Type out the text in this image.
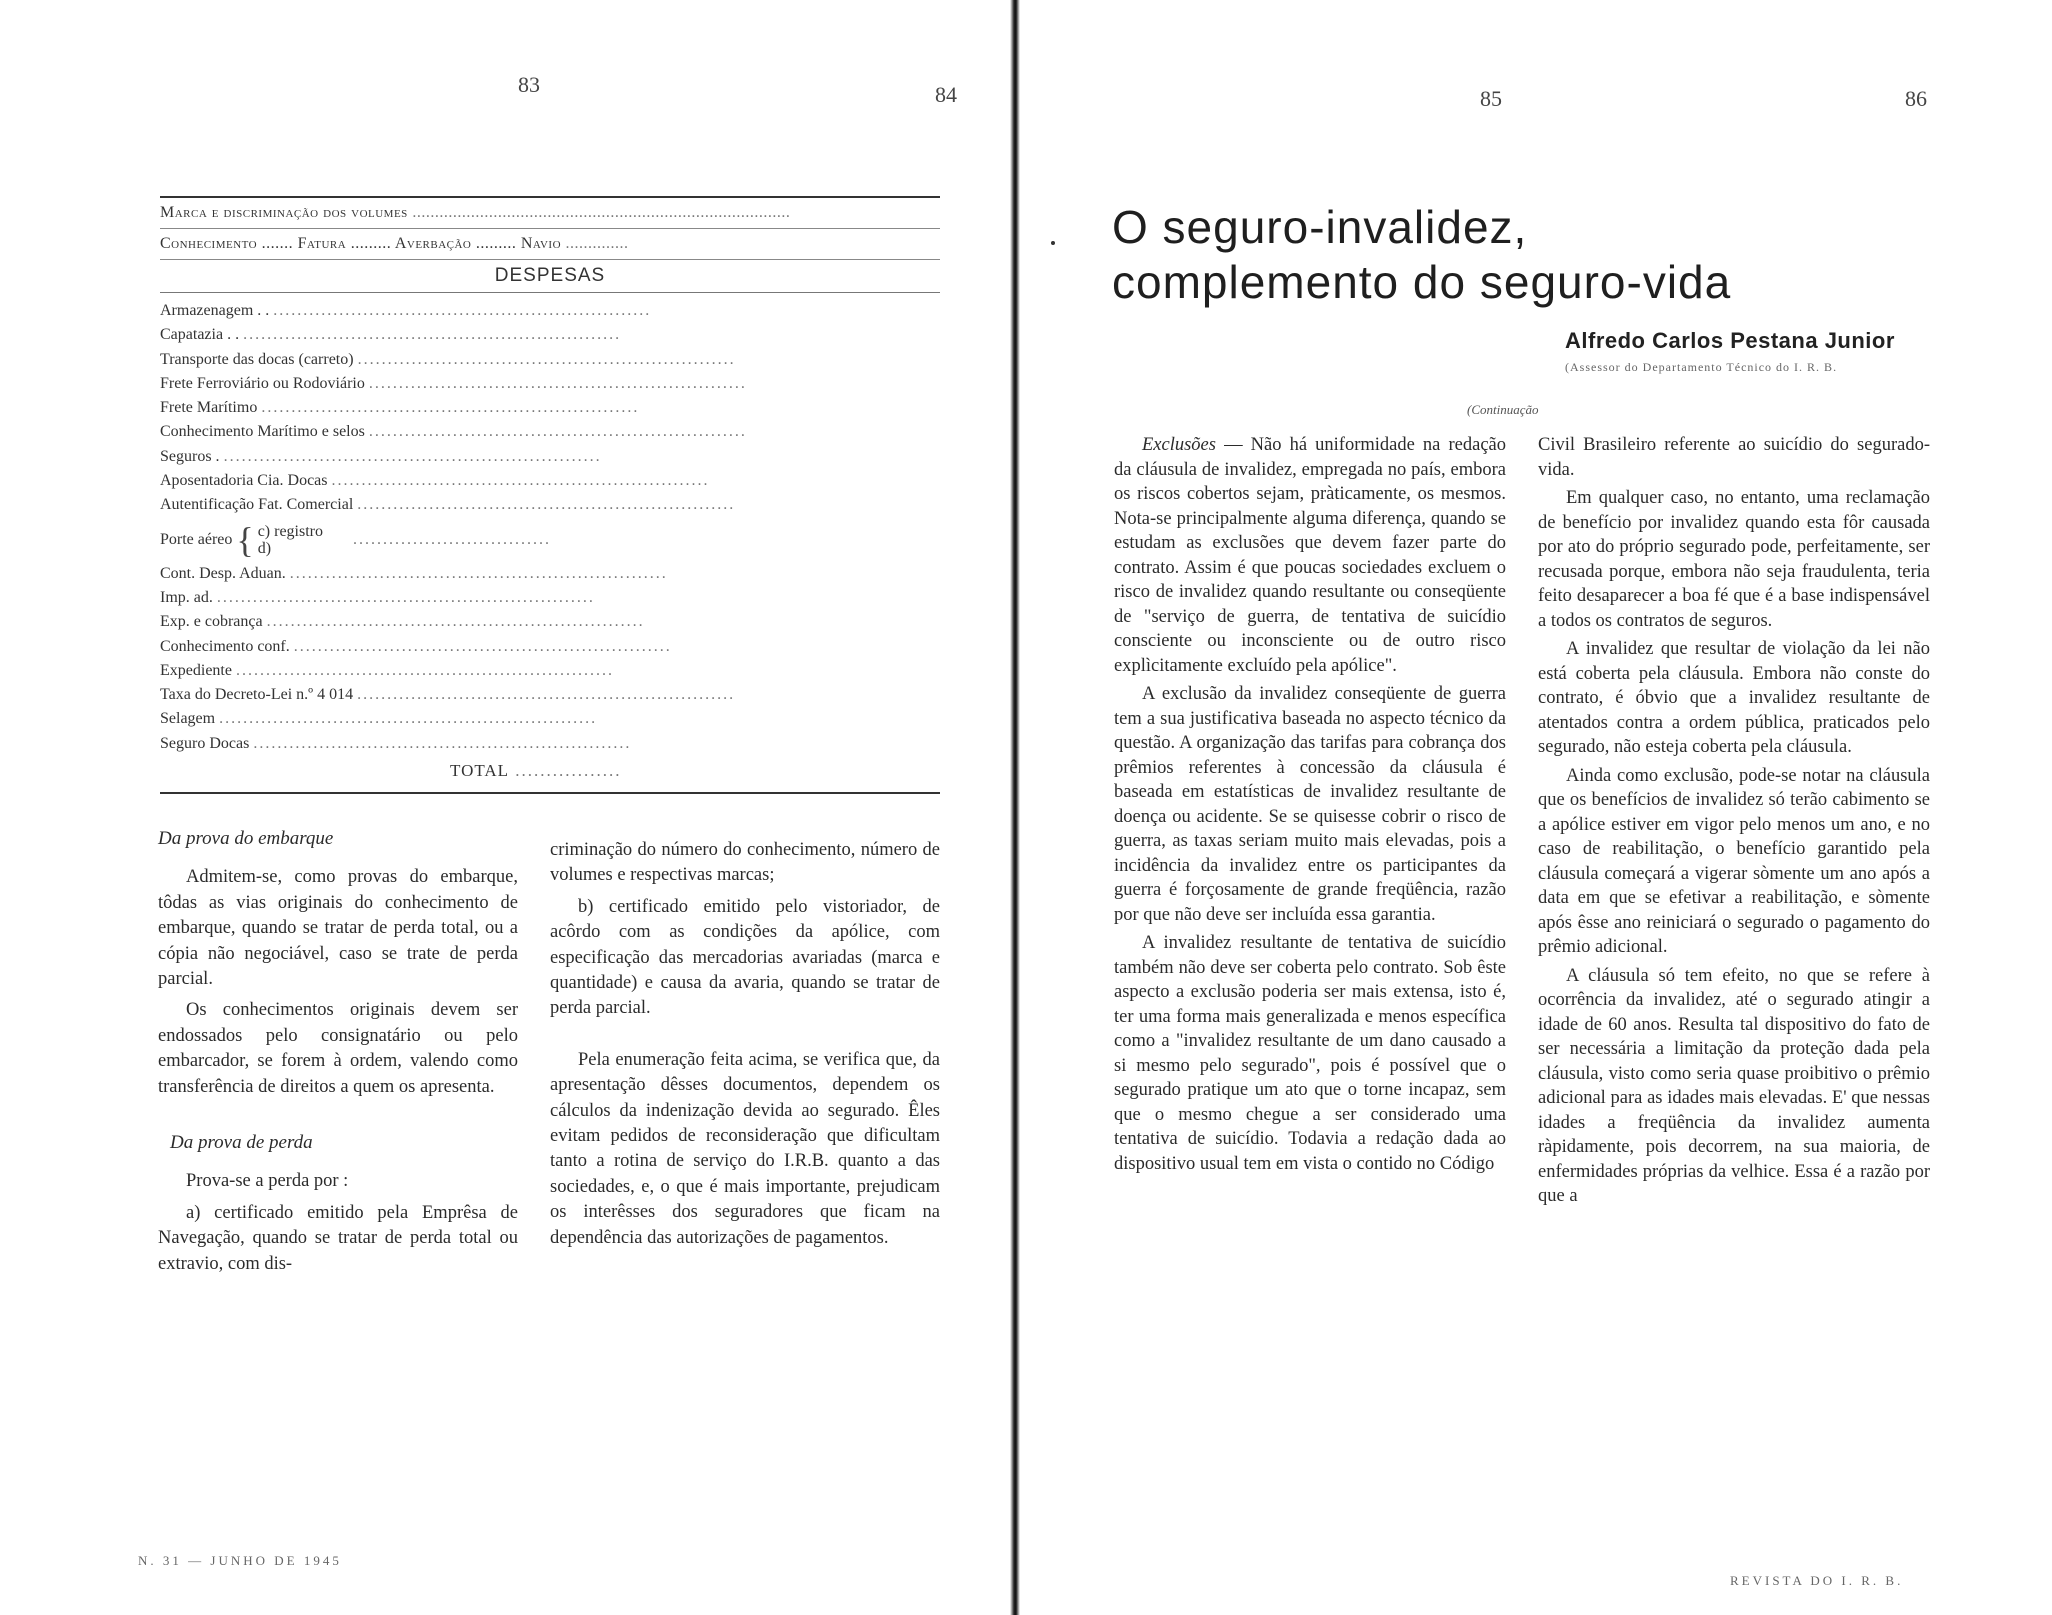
83	84
Marca e discriminação dos volumes ....................................................................................
Conhecimento ....... Fatura ......... Averbação ......... Navio ..............
DESPESAS
Armazenagem . . ...............................................................
Capatazia . . ...............................................................
Transporte das docas (carreto) ...............................................................
Frete Ferroviário ou Rodoviário ...............................................................
Frete Marítimo ...............................................................
Conhecimento Marítimo e selos ...............................................................
Seguros . ...............................................................
Aposentadoria Cia. Docas ...............................................................
Autentificação Fat. Comercial ...............................................................
Porte aéreo { c) registro
d)
.................................
Cont. Desp. Aduan. ...............................................................
Imp. ad. ...............................................................
Exp. e cobrança ...............................................................
Conhecimento conf. ...............................................................
Expediente ...............................................................
Taxa do Decreto-Lei n.º 4 014 ...............................................................
Selagem ...............................................................
Seguro Docas ...............................................................
TOTAL .................
Da prova do embarque

Admitem-se, como provas do embarque, tôdas as vias originais do conhecimento de embarque, quando se tratar de perda total, ou a cópia não negociável, caso se trate de perda parcial.

Os conhecimentos originais devem ser endossados pelo consignatário ou pelo embarcador, se forem à ordem, valendo como transferência de direitos a quem os apresenta.

Da prova de perda

Prova-se a perda por :

a) certificado emitido pela Emprêsa de Navegação, quando se tratar de perda total ou extravio, com dis-

criminação do número do conhecimento, número de volumes e respectivas marcas;

b) certificado emitido pelo vistoriador, de acôrdo com as condições da apólice, com especificação das mercadorias avariadas (marca e quantidade) e causa da avaria, quando se tratar de perda parcial.

Pela enumeração feita acima, se verifica que, da apresentação dêsses documentos, dependem os cálculos da indenização devida ao segurado. Êles evitam pedidos de reconsideração que dificultam tanto a rotina de serviço do I.R.B. quanto a das sociedades, e, o que é mais importante, prejudicam os interêsses dos seguradores que ficam na dependência das autorizações de pagamentos.

N. 31 — JUNHO DE 1945
85	86
O seguro-invalidez,
complemento do seguro-vida
Alfredo Carlos Pestana Junior
(Assessor do Departamento Técnico do I. R. B.
(Continuação

Exclusões — Não há uniformidade na redação da cláusula de invalidez, empregada no país, embora os riscos cobertos sejam, pràticamente, os mesmos. Nota-se principalmente alguma diferença, quando se estudam as exclusões que devem fazer parte do contrato. Assim é que poucas sociedades excluem o risco de invalidez quando resultante ou conseqüente de "serviço de guerra, de tentativa de suicídio consciente ou inconsciente ou de outro risco explìcitamente excluído pela apólice".

A exclusão da invalidez conseqüente de guerra tem a sua justificativa baseada no aspecto técnico da questão. A organização das tarifas para cobrança dos prêmios referentes à concessão da cláusula é baseada em estatísticas de invalidez resultante de doença ou acidente. Se se quisesse cobrir o risco de guerra, as taxas seriam muito mais elevadas, pois a incidência da invalidez entre os participantes da guerra é forçosamente de grande freqüência, razão por que não deve ser incluída essa garantia.

A invalidez resultante de tentativa de suicídio também não deve ser coberta pelo contrato. Sob êste aspecto a exclusão poderia ser mais extensa, isto é, ter uma forma mais generalizada e menos específica como a "invalidez resultante de um dano causado a si mesmo pelo segurado", pois é possível que o segurado pratique um ato que o torne incapaz, sem que o mesmo chegue a ser considerado uma tentativa de suicídio. Todavia a redação dada ao dispositivo usual tem em vista o contido no Código

Civil Brasileiro referente ao suicídio do segurado-vida.

Em qualquer caso, no entanto, uma reclamação de benefício por invalidez quando esta fôr causada por ato do próprio segurado pode, perfeitamente, ser recusada porque, embora não seja fraudulenta, teria feito desaparecer a boa fé que é a base indispensável a todos os contratos de seguros.

A invalidez que resultar de violação da lei não está coberta pela cláusula. Embora não conste do contrato, é óbvio que a invalidez resultante de atentados contra a ordem pública, praticados pelo segurado, não esteja coberta pela cláusula.

Ainda como exclusão, pode-se notar na cláusula que os benefícios de invalidez só terão cabimento se a apólice estiver em vigor pelo menos um ano, e no caso de reabilitação, o benefício garantido pela cláusula começará a vigerar sòmente um ano após a data em que se efetivar a reabilitação, e sòmente após êsse ano reiniciará o segurado o pagamento do prêmio adicional.

A cláusula só tem efeito, no que se refere à ocorrência da invalidez, até o segurado atingir a idade de 60 anos. Resulta tal dispositivo do fato de ser necessária a limitação da proteção dada pela cláusula, visto como seria quase proibitivo o prêmio adicional para as idades mais elevadas. E' que nessas idades a freqüência da invalidez aumenta ràpidamente, pois decorrem, na sua maioria, de enfermidades próprias da velhice. Essa é a razão por que a

REVISTA DO I. R. B.
